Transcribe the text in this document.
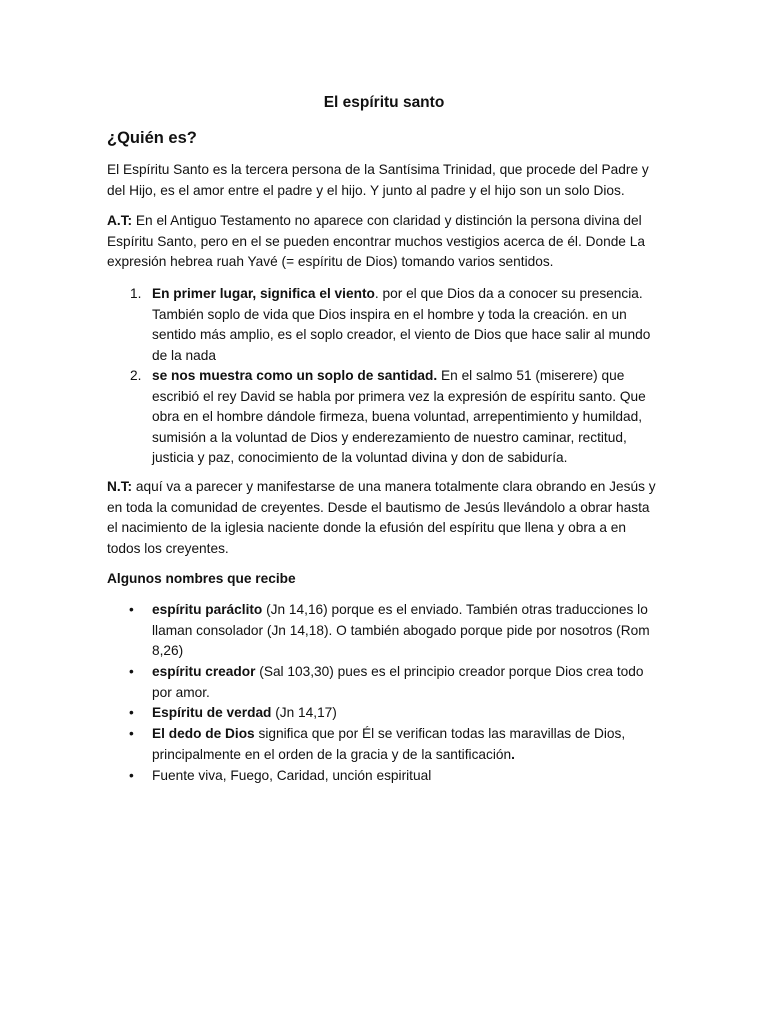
El espíritu santo
¿Quién es?
El Espíritu Santo es la tercera persona de la Santísima Trinidad, que procede del Padre y del Hijo, es el amor entre el padre y el hijo. Y junto al padre y el hijo son un solo Dios.
A.T: En el Antiguo Testamento no aparece con claridad y distinción la persona divina del Espíritu Santo, pero en el se pueden encontrar muchos vestigios acerca de él. Donde La expresión hebrea ruah Yavé (= espíritu de Dios) tomando varios sentidos.
1. En primer lugar, significa el viento. por el que Dios da a conocer su presencia. También soplo de vida que Dios inspira en el hombre y toda la creación. en un sentido más amplio, es el soplo creador, el viento de Dios que hace salir al mundo de la nada
2. se nos muestra como un soplo de santidad. En el salmo 51 (miserere) que escribió el rey David se habla por primera vez la expresión de espíritu santo. Que obra en el hombre dándole firmeza, buena voluntad, arrepentimiento y humildad, sumisión a la voluntad de Dios y enderezamiento de nuestro caminar, rectitud, justicia y paz, conocimiento de la voluntad divina y don de sabiduría.
N.T: aquí va a parecer y manifestarse de una manera totalmente clara obrando en Jesús y en toda la comunidad de creyentes. Desde el bautismo de Jesús llevándolo a obrar hasta el nacimiento de la iglesia naciente donde la efusión del espíritu que llena y obra a en todos los creyentes.
Algunos nombres que recibe
• espíritu paráclito (Jn 14,16) porque es el enviado. También otras traducciones lo llaman consolador (Jn 14,18). O también abogado porque pide por nosotros (Rom 8,26)
• espíritu creador (Sal 103,30) pues es el principio creador porque Dios crea todo por amor.
• Espíritu de verdad (Jn 14,17)
• El dedo de Dios significa que por Él se verifican todas las maravillas de Dios, principalmente en el orden de la gracia y de la santificación.
• Fuente viva, Fuego, Caridad, unción espiritual
